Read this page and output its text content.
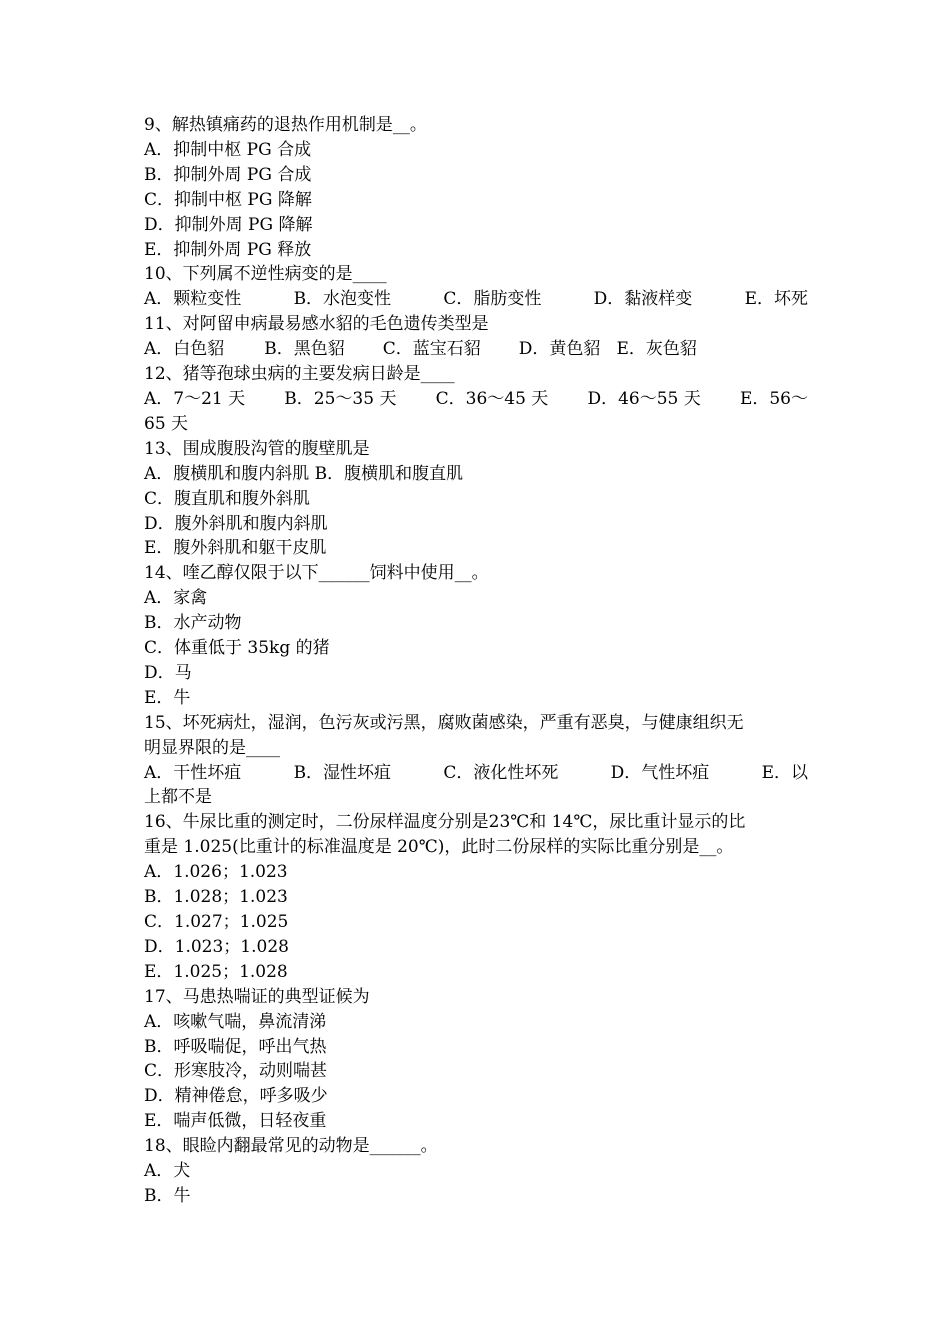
9、解热镇痛药的退热作用机制是__。
A．抑制中枢 PG 合成
B．抑制外周 PG 合成
C．抑制中枢 PG 降解
D．抑制外周 PG 降解
E．抑制外周 PG 释放
10、下列属不逆性病变的是____
A．颗粒变性	B．水泡变性	C．脂肪变性	D．黏液样变	E．坏死
11、对阿留申病最易感水貂的毛色遗传类型是
A．白色貂 B．黑色貂 C．蓝宝石貂 D．黄色貂 E．灰色貂
12、猪等孢球虫病的主要发病日龄是____
A．7～21 天 B．25～35 天 C．36～45 天 D．46～55 天 E．56～
65 天
13、围成腹股沟管的腹壁肌是
A．腹横肌和腹内斜肌 B．腹横肌和腹直肌
C．腹直肌和腹外斜肌
D．腹外斜肌和腹内斜肌
E．腹外斜肌和躯干皮肌
14、喹乙醇仅限于以下______饲料中使用__。
A．家禽
B．水产动物
C．体重低于 35kg 的猪
D．马
E．牛
15、坏死病灶，湿润，色污灰或污黑，腐败菌感染，严重有恶臭，与健康组织无
明显界限的是____
A．干性坏疽	B．湿性坏疽	C．液化性坏死	D．气性坏疽	E．以
上都不是
16、牛尿比重的测定时，二份尿样温度分别是23℃和 14℃，尿比重计显示的比
重是 1.025(比重计的标准温度是 20℃)，此时二份尿样的实际比重分别是__。
A．1.026；1.023
B．1.028；1.023
C．1.027；1.025
D．1.023；1.028
E．1.025；1.028
17、马患热喘证的典型证候为
A．咳嗽气喘，鼻流清涕
B．呼吸喘促，呼出气热
C．形寒肢冷，动则喘甚
D．精神倦怠，呼多吸少
E．喘声低微，日轻夜重
18、眼睑内翻最常见的动物是______。
A．犬
B．牛
